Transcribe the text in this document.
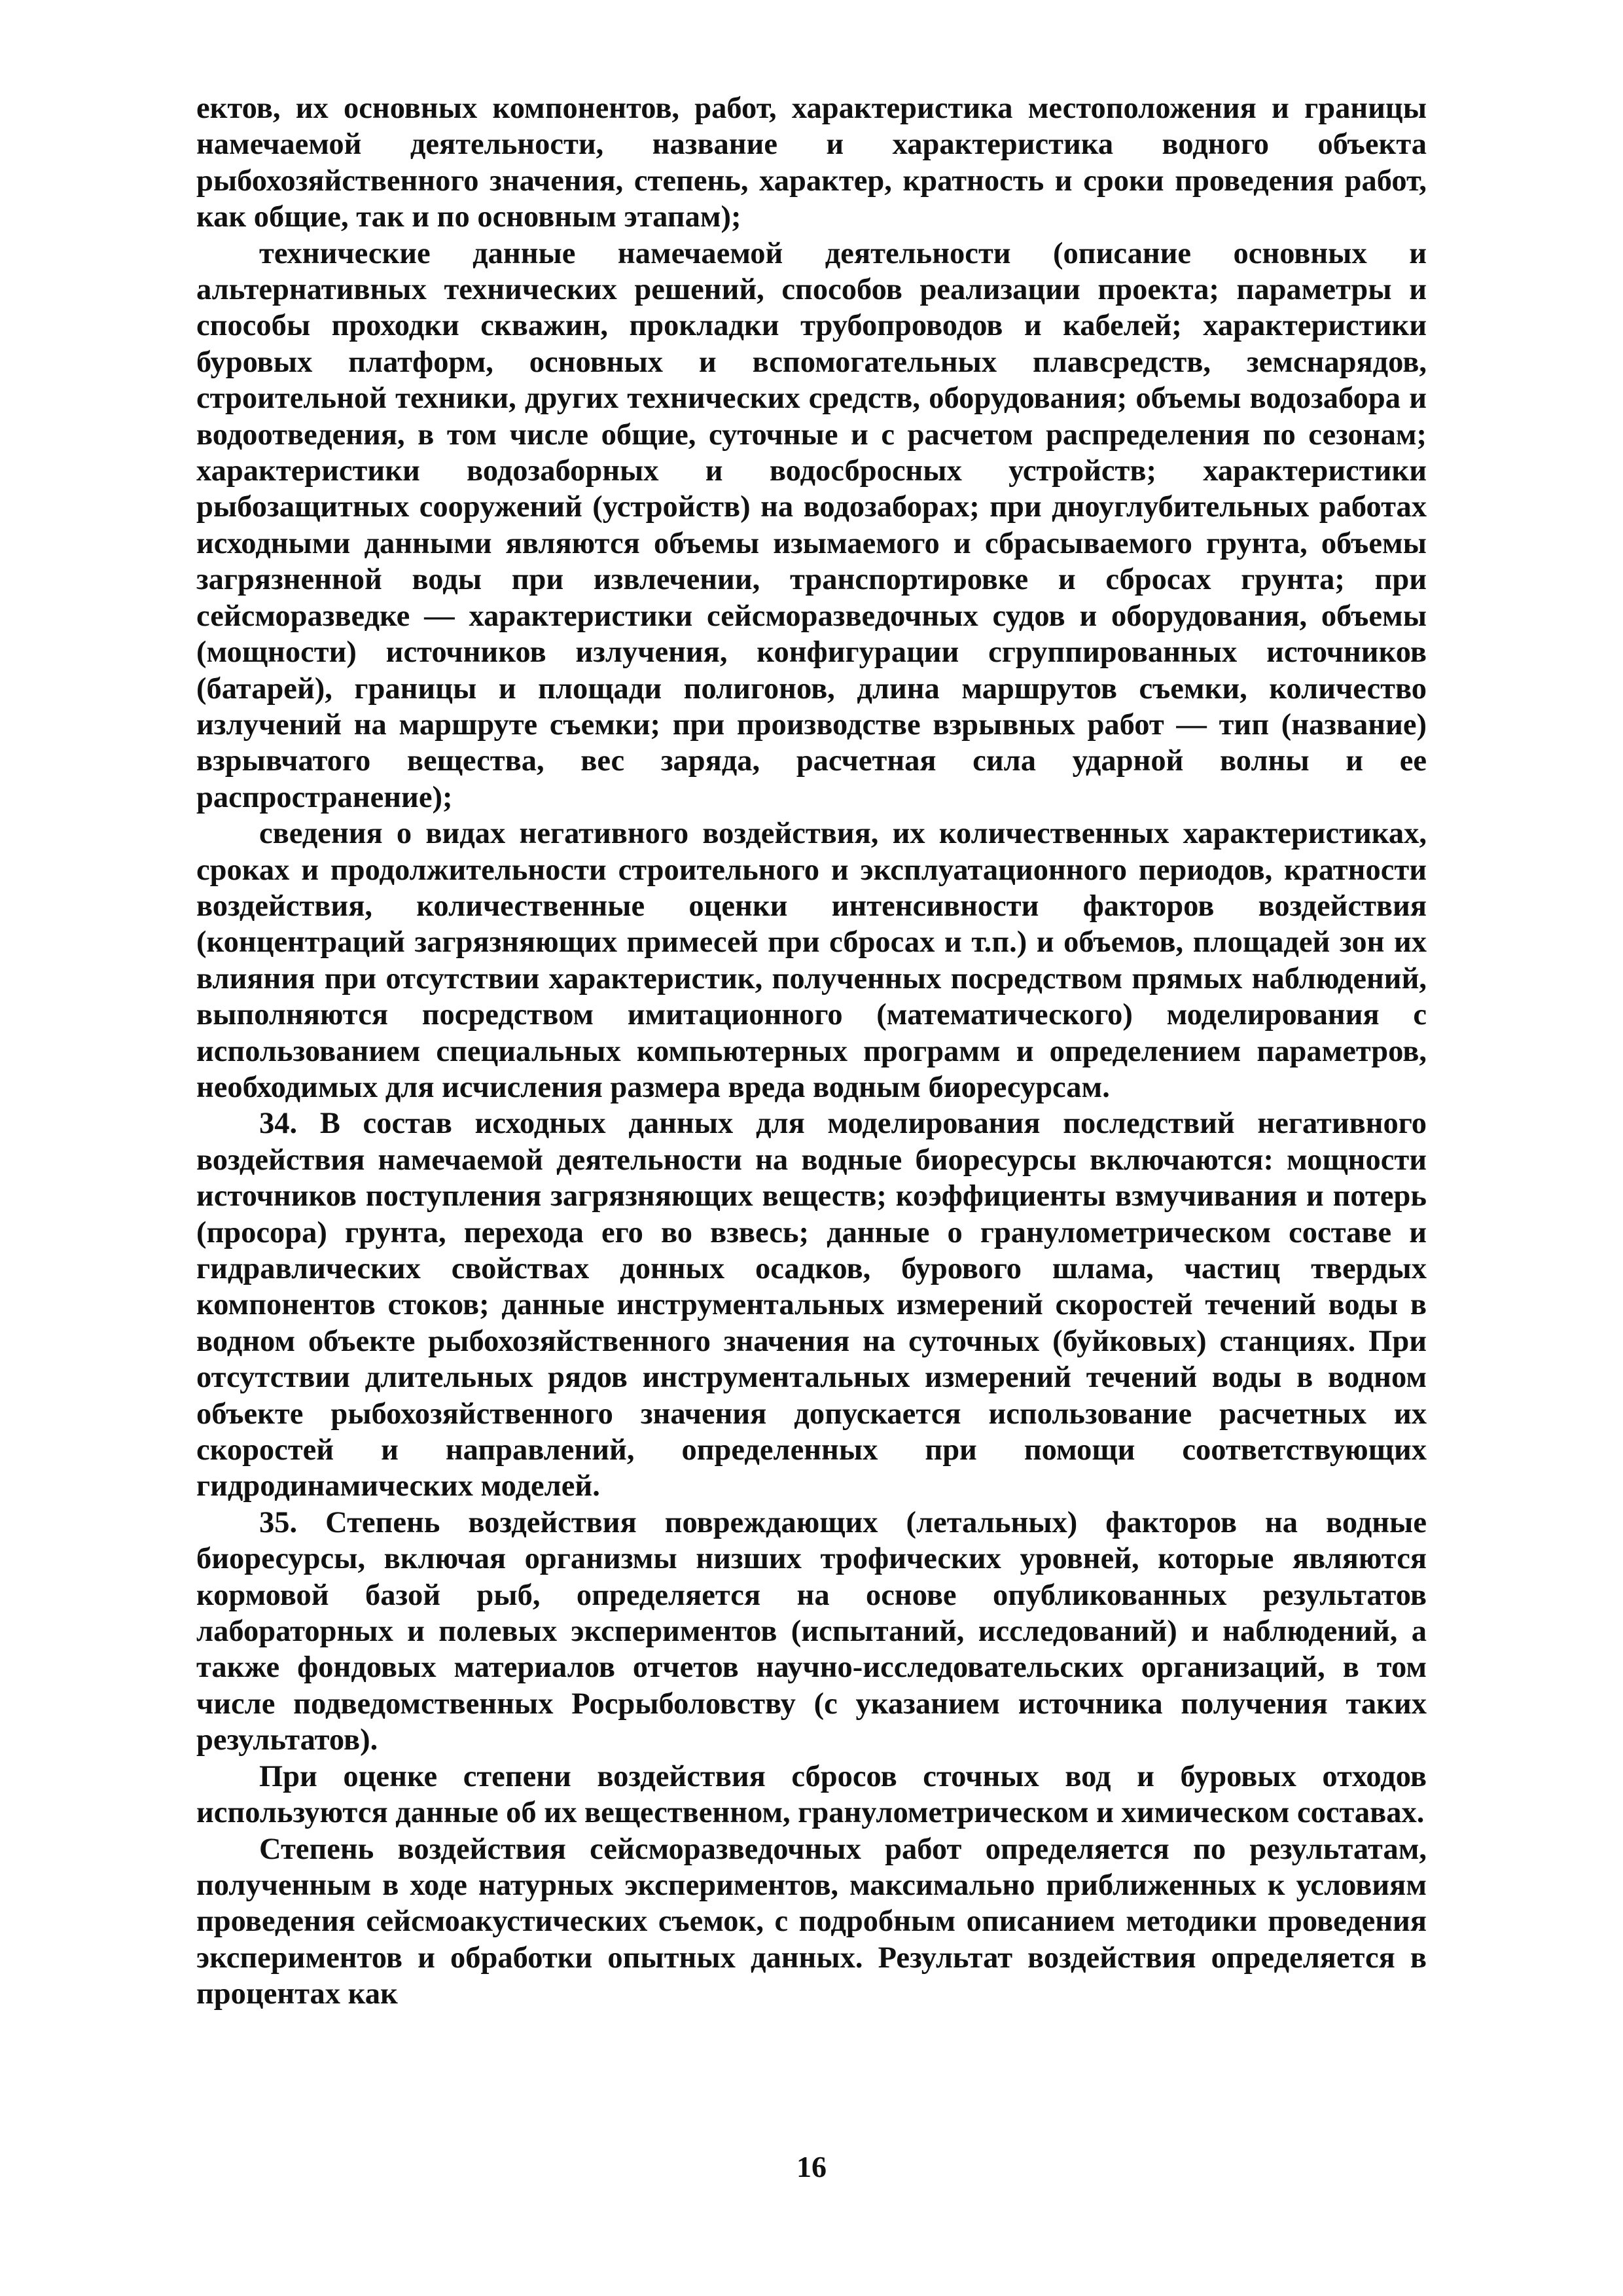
ектов, их основных компонентов, работ, характеристика местоположения и границы намечаемой деятельности, название и характеристика водного объекта рыбохозяйственного значения, степень, характер, кратность и сроки проведения работ, как общие, так и по основным этапам);

технические данные намечаемой деятельности (описание основных и альтернативных технических решений, способов реализации проекта; параметры и способы проходки скважин, прокладки трубопроводов и кабелей; характеристики буровых платформ, основных и вспомогательных плавсредств, земснарядов, строительной техники, других технических средств, оборудования; объемы водозабора и водоотведения, в том числе общие, суточные и с расчетом распределения по сезонам; характеристики водозаборных и водосбросных устройств; характеристики рыбозащитных сооружений (устройств) на водозаборах; при дноуглубительных работах исходными данными являются объемы изымаемого и сбрасываемого грунта, объемы загрязненной воды при извлечении, транспортировке и сбросах грунта; при сейсморазведке — характеристики сейсморазведочных судов и оборудования, объемы (мощности) источников излучения, конфигурации сгруппированных источников (батарей), границы и площади полигонов, длина маршрутов съемки, количество излучений на маршруте съемки; при производстве взрывных работ — тип (название) взрывчатого вещества, вес заряда, расчетная сила ударной волны и ее распространение);

сведения о видах негативного воздействия, их количественных характеристиках, сроках и продолжительности строительного и эксплуатационного периодов, кратности воздействия, количественные оценки интенсивности факторов воздействия (концентраций загрязняющих примесей при сбросах и т.п.) и объемов, площадей зон их влияния при отсутствии характеристик, полученных посредством прямых наблюдений, выполняются посредством имитационного (математического) моделирования с использованием специальных компьютерных программ и определением параметров, необходимых для исчисления размера вреда водным биоресурсам.

34. В состав исходных данных для моделирования последствий негативного воздействия намечаемой деятельности на водные биоресурсы включаются: мощности источников поступления загрязняющих веществ; коэффициенты взмучивания и потерь (просора) грунта, перехода его во взвесь; данные о гранулометрическом составе и гидравлических свойствах донных осадков, бурового шлама, частиц твердых компонентов стоков; данные инструментальных измерений скоростей течений воды в водном объекте рыбохозяйственного значения на суточных (буйковых) станциях. При отсутствии длительных рядов инструментальных измерений течений воды в водном объекте рыбохозяйственного значения допускается использование расчетных их скоростей и направлений, определенных при помощи соответствующих гидродинамических моделей.

35. Степень воздействия повреждающих (летальных) факторов на водные биоресурсы, включая организмы низших трофических уровней, которые являются кормовой базой рыб, определяется на основе опубликованных результатов лабораторных и полевых экспериментов (испытаний, исследований) и наблюдений, а также фондовых материалов отчетов научно-исследовательских организаций, в том числе подведомственных Росрыболовству (с указанием источника получения таких результатов).

При оценке степени воздействия сбросов сточных вод и буровых отходов используются данные об их вещественном, гранулометрическом и химическом составах.

Степень воздействия сейсморазведочных работ определяется по результатам, полученным в ходе натурных экспериментов, максимально приближенных к условиям проведения сейсмоакустических съемок, с подробным описанием методики проведения экспериментов и обработки опытных данных. Результат воздействия определяется в процентах как

16
